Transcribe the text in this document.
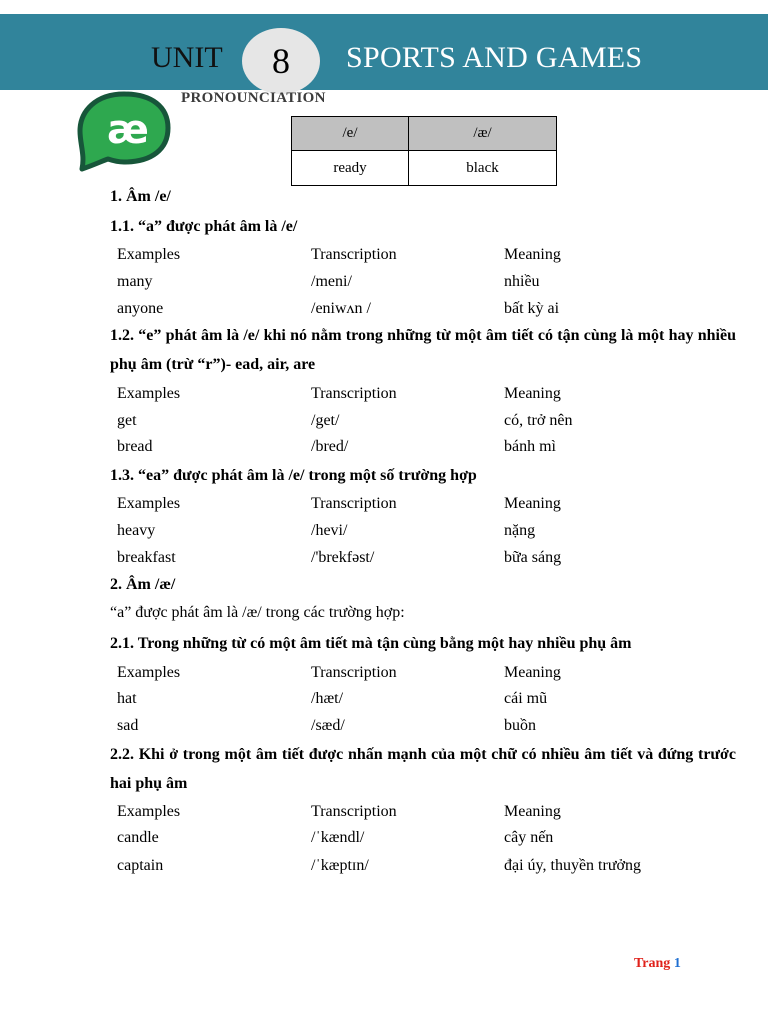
UNIT 8 SPORTS AND GAMES
æ
PRONOUNCIATION
/e/	/æ/
ready	black
1. Âm /e/
1.1. “a” được phát âm là /e/
Examples	Transcription	Meaning
many	/meni/	nhiều
anyone	/eniwʌn /	bất kỳ ai
1.2. “e” phát âm là /e/ khi nó nằm trong những từ một âm tiết có tận cùng là một hay nhiều phụ âm (trừ “r”)- ead, air, are
Examples	Transcription	Meaning
get	/get/	có, trở nên
bread	/bred/	bánh mì
1.3. “ea” được phát âm là /e/ trong một số trường hợp
Examples	Transcription	Meaning
heavy	/hevi/	nặng
breakfast	/'brekfəst/	bữa sáng
2. Âm /æ/
“a” được phát âm là /æ/ trong các trường hợp:
2.1. Trong những từ có một âm tiết mà tận cùng bằng một hay nhiều phụ âm
Examples	Transcription	Meaning
hat	/hæt/	cái mũ
sad	/sæd/	buồn
2.2. Khi ở trong một âm tiết được nhấn mạnh của một chữ có nhiều âm tiết và đứng trước hai phụ âm
Examples	Transcription	Meaning
candle	/ˈkændl/	cây nến
captain	/ˈkæptɪn/	đại úy, thuyền trưởng
Trang 1
